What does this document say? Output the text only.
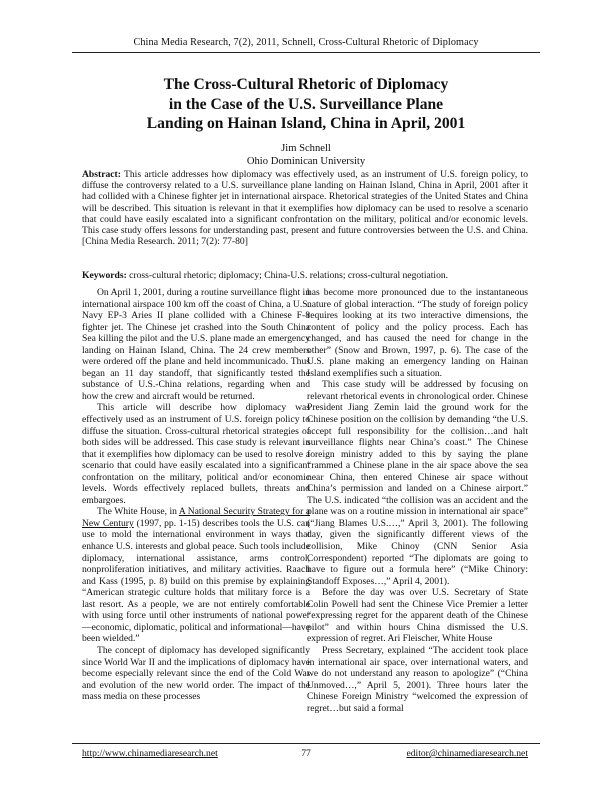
China Media Research, 7(2), 2011, Schnell, Cross-Cultural Rhetoric of Diplomacy
The Cross-Cultural Rhetoric of Diplomacy
in the Case of the U.S. Surveillance Plane
Landing on Hainan Island, China in April, 2001
Jim Schnell
Ohio Dominican University
Abstract: This article addresses how diplomacy was effectively used, as an instrument of U.S. foreign policy, to diffuse the controversy related to a U.S. surveillance plane landing on Hainan Island, China in April, 2001 after it had collided with a Chinese fighter jet in international airspace. Rhetorical strategies of the United States and China will be described. This situation is relevant in that it exemplifies how diplomacy can be used to resolve a scenario that could have easily escalated into a significant confrontation on the military, political and/or economic levels. This case study offers lessons for understanding past, present and future controversies between the U.S. and China. [China Media Research. 2011; 7(2): 77-80]
Keywords: cross-cultural rhetoric; diplomacy; China-U.S. relations; cross-cultural negotiation.

On April 1, 2001, during a routine surveillance flight in international airspace 100 km off the coast of China, a U.S. Navy EP-3 Aries II plane collided with a Chinese F-8 fighter jet. The Chinese jet crashed into the South China Sea killing the pilot and the U.S. plane made an emergency landing on Hainan Island, China. The 24 crew members were ordered off the plane and held incommunicado. Thus began an 11 day standoff, that significantly tested the substance of U.S.-China relations, regarding when and how the crew and aircraft would be returned.

This article will describe how diplomacy was effectively used as an instrument of U.S. foreign policy to diffuse the situation. Cross-cultural rhetorical strategies of both sides will be addressed. This case study is relevant in that it exemplifies how diplomacy can be used to resolve a scenario that could have easily escalated into a significant confrontation on the military, political and/or economic levels. Words effectively replaced bullets, threats and embargoes.

The White House, in A National Security Strategy for a New Century (1997, pp. 1-15) describes tools the U.S. can use to mold the international environment in ways that enhance U.S. interests and global peace. Such tools include diplomacy, international assistance, arms control, nonproliferation initiatives, and military activities. Raach and Kass (1995, p. 8) build on this premise by explaining “American strategic culture holds that military force is a last resort. As a people, we are not entirely comfortable with using force until other instruments of national power—economic, diplomatic, political and informational—have been wielded.”

The concept of diplomacy has developed significantly since World War II and the implications of diplomacy have become especially relevant since the end of the Cold War and evolution of the new world order. The impact of the mass media on these processes

has become more pronounced due to the instantaneous nature of global interaction. “The study of foreign policy requires looking at its two interactive dimensions, the content of policy and the policy process. Each has changed, and has caused the need for change in the other” (Snow and Brown, 1997, p. 6). The case of the U.S. plane making an emergency landing on Hainan Island exemplifies such a situation.

This case study will be addressed by focusing on relevant rhetorical events in chronological order. Chinese President Jiang Zemin laid the ground work for the Chinese position on the collision by demanding “the U.S. accept full responsibility for the collision…and halt surveillance flights near China’s coast.” The Chinese foreign ministry added to this by saying the plane “rammed a Chinese plane in the air space above the sea near China, then entered Chinese air space without China’s permission and landed on a Chinese airport.” The U.S. indicated “the collision was an accident and the plane was on a routine mission in international air space” (“Jiang Blames U.S.…,” April 3, 2001). The following day, given the significantly different views of the collision, Mike Chinoy (CNN Senior Asia Correspondent) reported “The diplomats are going to have to figure out a formula here” (“Mike Chinory: Standoff Exposes…,” April 4, 2001).

Before the day was over U.S. Secretary of State Colin Powell had sent the Chinese Vice Premier a letter “expressing regret for the apparent death of the Chinese pilot” and within hours China dismissed the U.S. expression of regret. Ari Fleischer, White House

Press Secretary, explained “The accident took place in international air space, over international waters, and we do not understand any reason to apologize” (“China Unmoved…,” April 5, 2001). Three hours later the Chinese Foreign Ministry “welcomed the expression of regret…but said a formal

http://www.chinamediaresearch.net	77	editor@chinamediaresearch.net
